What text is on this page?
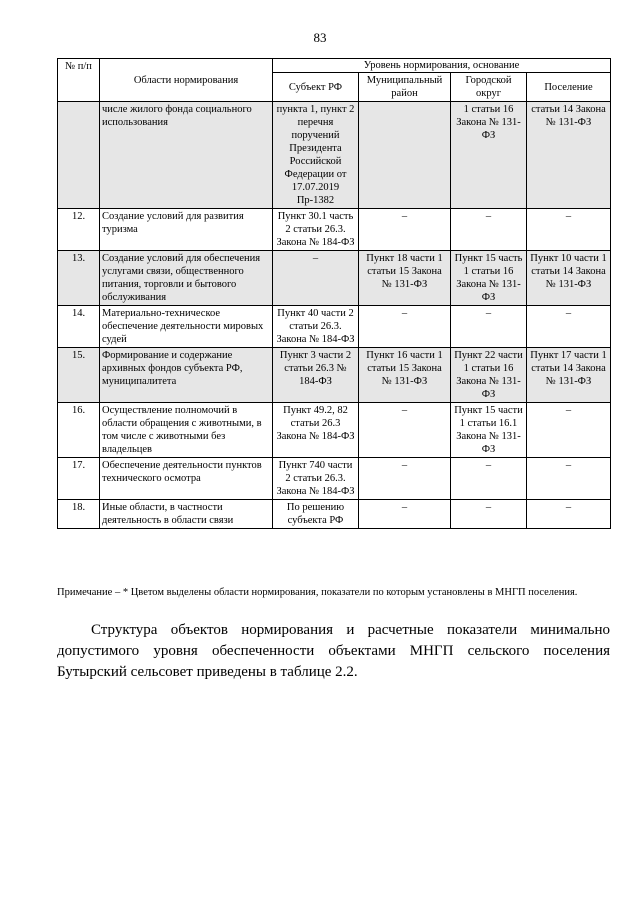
83
№ п/п	Области нормирования	Уровень нормирования, основание			
		Субъект РФ	Муниципальный район	Городской округ	Поселение
	числе жилого фонда социального использования	пункта 1, пункт 2 перечня поручений Президента Российской Федерации от 17.07.2019 Пр-1382		1 статьи 16 Закона № 131-ФЗ	статьи 14 Закона № 131-ФЗ
12.	Создание условий для развития туризма	Пункт 30.1 часть 2 статьи 26.3. Закона № 184-ФЗ	–	–	–
13.	Создание условий для обеспечения услугами связи, общественного питания, торговли и бытового обслуживания	–	Пункт 18 части 1 статьи 15 Закона № 131-ФЗ	Пункт 15 часть 1 статьи 16 Закона № 131-ФЗ	Пункт 10 части 1 статьи 14 Закона № 131-ФЗ
14.	Материально-техническое обеспечение деятельности мировых судей	Пункт 40 части 2 статьи 26.3. Закона № 184-ФЗ	–	–	–
15.	Формирование и содержание архивных фондов субъекта РФ, муниципалитета	Пункт 3 части 2 статьи 26.3 № 184-ФЗ	Пункт 16 части 1 статьи 15 Закона № 131-ФЗ	Пункт 22 части 1 статьи 16 Закона № 131-ФЗ	Пункт 17 части 1 статьи 14 Закона № 131-ФЗ
16.	Осуществление полномочий в области обращения с животными, в том числе с животными без владельцев	Пункт 49.2, 82 статьи 26.3 Закона № 184-ФЗ	–	Пункт 15 части 1 статьи 16.1 Закона № 131-ФЗ	–
17.	Обеспечение деятельности пунктов технического осмотра	Пункт 740 части 2 статьи 26.3. Закона № 184-ФЗ	–	–	–
18.	Иные области, в частности деятельность в области связи	По решению субъекта РФ	–	–	–
Примечание – * Цветом выделены области нормирования, показатели по которым установлены в МНГП поселения.
Структура объектов нормирования и расчетные показатели минимально допустимого уровня обеспеченности объектами МНГП сельского поселения Бутырский сельсовет приведены в таблице 2.2.
